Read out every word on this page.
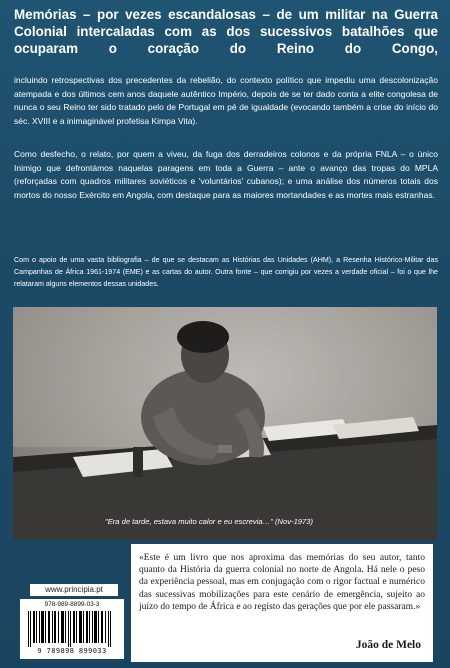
Memórias – por vezes escandalosas – de um militar na Guerra Colonial intercaladas com as dos sucessivos batalhões que ocuparam o coração do Reino do Congo,

incluindo retrospectivas dos precedentes da rebelião, do contexto político que impediu uma descolonização atempada e dos últimos cem anos daquele autêntico Império, depois de se ter dado conta a elite congolesa de nunca o seu Reino ter sido tratado pelo de Portugal em pé de igualdade (evocando também a crise do início do séc. XVIII e a inimaginável profetisa Kimpa Vita).

Como desfecho, o relato, por quem a viveu, da fuga dos derradeiros colonos e da própria FNLA – o único Inimigo que defrontámos naquelas paragens em toda a Guerra – ante o avanço das tropas do MPLA (reforçadas com quadros militares soviéticos e 'voluntários' cubanos); e uma análise dos números totais dos mortos do nosso Exército em Angola, com destaque para as maiores mortandades e as mortes mais estranhas.

Com o apoio de uma vasta bibliografia – de que se destacam as Histórias das Unidades (AHM), a Resenha Histórico-Militar das Campanhas de África 1961-1974 (EME) e as cartas do autor. Outra fonte – que corrigiu por vezes a verdade oficial – foi o que lhe relataram alguns elementos dessas unidades.

"Era de tarde, estava muito calor e eu escrevia…" (Nov-1973)
www.principia.pt
978-989-8899-03-3
9 789898 899033

«Este é um livro que nos aproxima das memórias do seu autor, tanto quanto da História da guerra colonial no norte de Angola. Há nele o peso da experiência pessoal, mas em conjugação com o rigor factual e numérico das sucessivas mobilizações para este cenário de emergência, sujeito ao juízo do tempo de África e ao registo das gerações que por ele passaram.»

João de Melo
